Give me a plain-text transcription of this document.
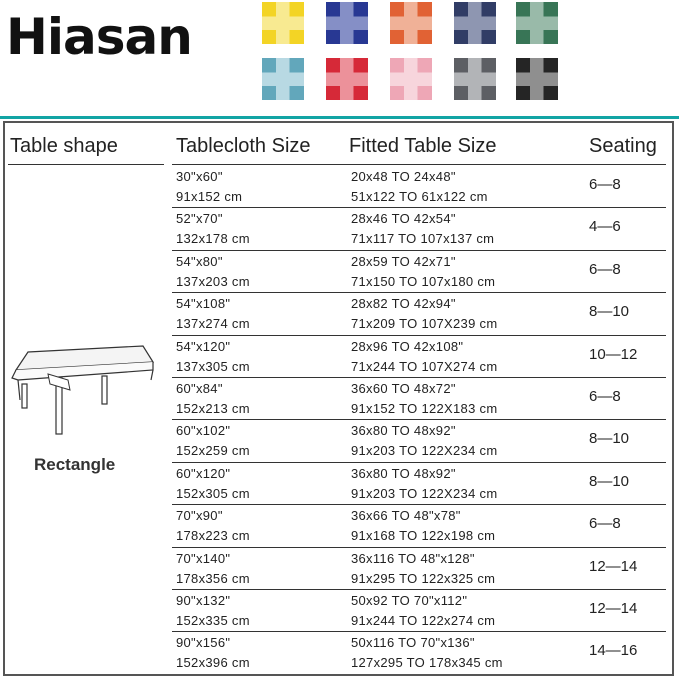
Hiasan
Table shape	Tablecloth Size Fitted Table Size	Seating
Rectangle
30"x60"
91x152 cm
20x48 TO 24x48"
51x122 TO 61x122 cm
6—8
52"x70"
132x178 cm
28x46 TO 42x54"
71x117 TO 107x137 cm
4—6
54"x80"
137x203 cm
28x59 TO 42x71"
71x150 TO 107x180 cm
6—8
54"x108"
137x274 cm
28x82 TO 42x94"
71x209 TO 107X239 cm
8—10
54"x120"
137x305 cm
28x96 TO 42x108"
71x244 TO 107X274 cm
10—12
60"x84"
152x213 cm
36x60 TO 48x72"
91x152 TO 122X183 cm
6—8
60"x102"
152x259 cm
36x80 TO 48x92"
91x203 TO 122X234 cm
8—10
60"x120"
152x305 cm
36x80 TO 48x92"
91x203 TO 122X234 cm
8—10
70"x90"
178x223 cm
36x66 TO 48"x78"
91x168 TO 122x198 cm
6—8
70"x140"
178x356 cm
36x116 TO 48"x128"
91x295 TO 122x325 cm
12—14
90"x132"
152x335 cm
50x92 TO 70"x112"
91x244 TO 122x274 cm
12—14
90"x156"
152x396 cm
50x116 TO 70"x136"
127x295 TO 178x345 cm
14—16
